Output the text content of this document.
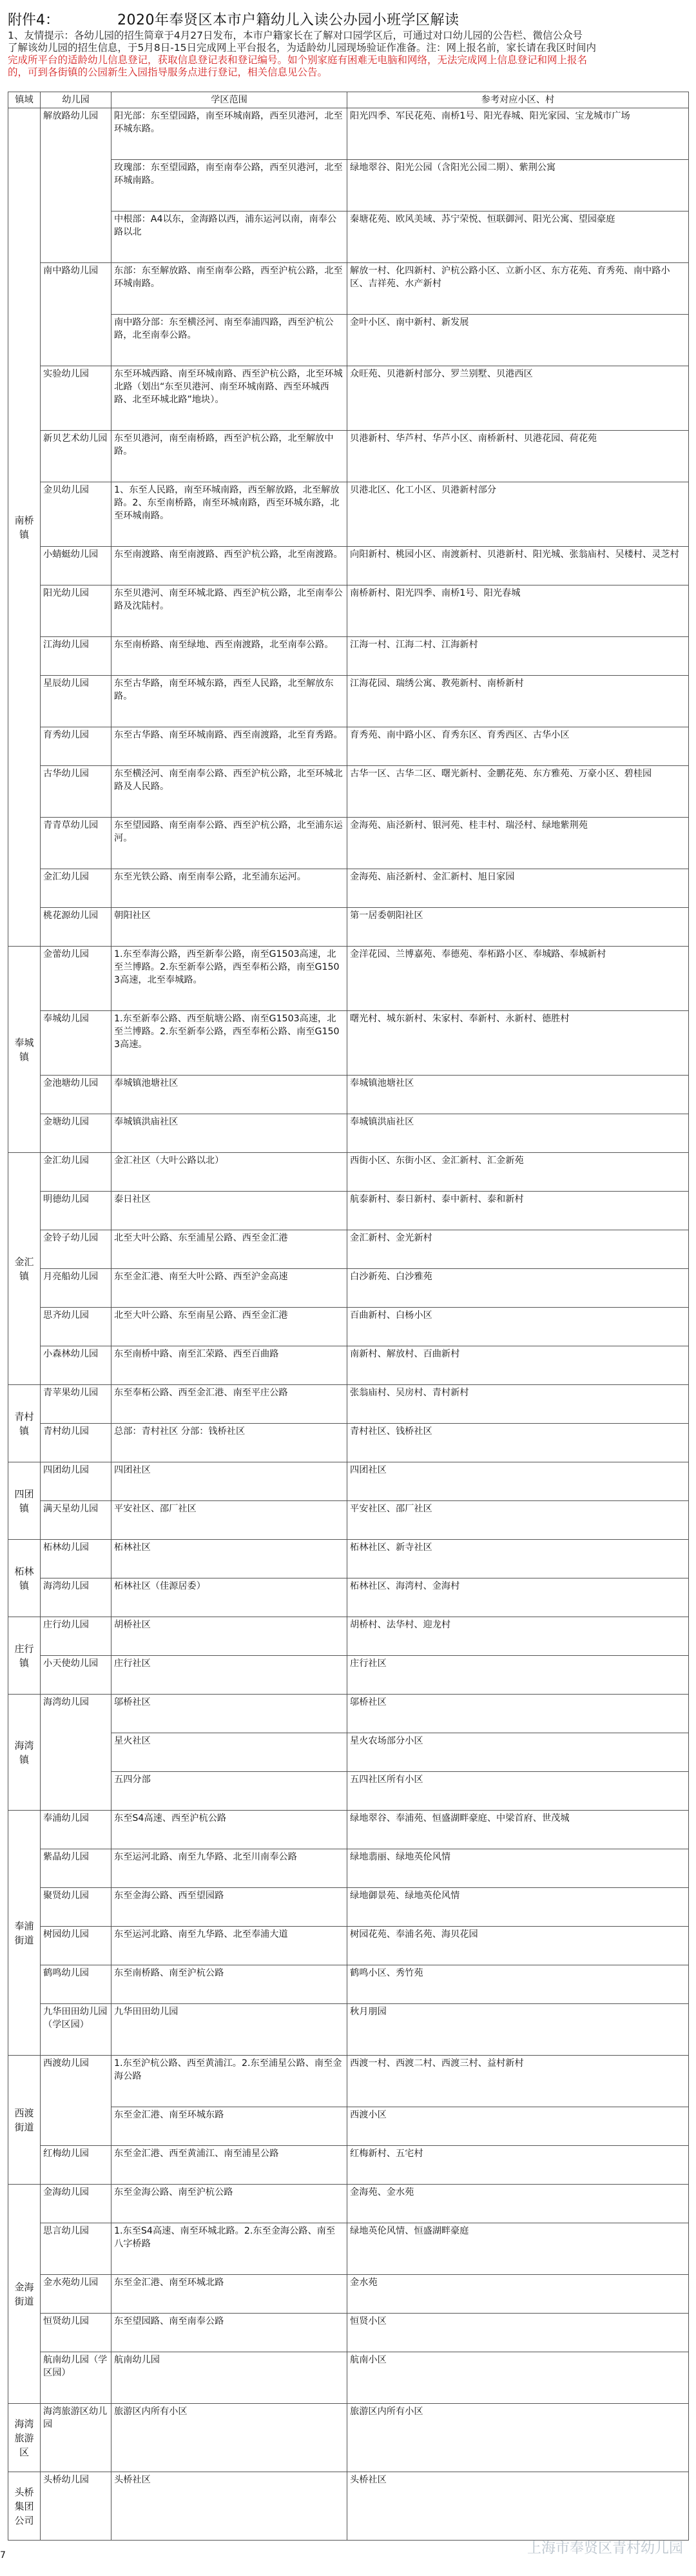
附件4：	2020年奉贤区本市户籍幼儿入读公办园小班学区解读
1、友情提示：各幼儿园的招生简章于4月27日发布，本市户籍家长在了解对口园学区后，可通过对口幼儿园的公告栏、微信公众号
了解该幼儿园的招生信息，于5月8日-15日完成网上平台报名，为适龄幼儿园现场验证作准备。注：网上报名前，家长请在我区时间内
完成所平台的适龄幼儿信息登记，获取信息登记表和登记编号。如个别家庭有困难无电脑和网络，无法完成网上信息登记和网上报名
的，可到各街镇的公园新生入园指导服务点进行登记，相关信息见公告。
镇域	幼儿园	学区范围	参考对应小区、村
南桥镇	解放路幼儿园	阳光部：东至望园路，南至环城南路，西至贝港河，北至环城东路。	阳光四季、军民花苑、南桥1号、阳光春城、阳光家园、宝龙城市广场
		玫瑰部：东至望园路，南至南奉公路，西至贝港河，北至环城南路。	绿地翠谷、阳光公园（含阳光公园二期）、紫荆公寓
		中根部：A4以东，金海路以西，浦东运河以南，南奉公路以北	秦塘花苑、欧风美域、苏宁荣悦、恒联御河、阳光公寓、望园豪庭
	南中路幼儿园	东部：东至解放路、南至南奉公路，西至沪杭公路，北至环城南路。	解放一村、化四新村、沪杭公路小区、立新小区、东方花苑、育秀苑、南中路小区、吉祥苑、水产新村
		南中路分部：东至横泾河、南至奉浦四路，西至沪杭公路，北至南奉公路。	金叶小区、南中新村、新发展
	实验幼儿园	东至环城西路、南至环城南路、西至沪杭公路，北至环城北路（划出“东至贝港河、南至环城南路、西至环城西路、北至环城北路”地块）。	众旺苑、贝港新村部分、罗兰别墅、贝港西区
	新贝艺术幼儿园	东至贝港河，南至南桥路，西至沪杭公路，北至解放中路。	贝港新村、华芦村、华芦小区、南桥新村、贝港花园、荷花苑
	金贝幼儿园	1、东至人民路，南至环城南路，西至解放路，北至解放路。2、东至南桥路，南至环城南路，西至环城东路，北至环城南路。	贝港北区、化工小区、贝港新村部分
	小蜻蜓幼儿园	东至南渡路、南至南渡路、西至沪杭公路，北至南渡路。	向阳新村、桃园小区、南渡新村、贝港新村、阳光城、张翁庙村、吴楼村、灵芝村
	阳光幼儿园	东至贝港河、南至环城北路、西至沪杭公路，北至南奉公路及沈陆村。	南桥新村、阳光四季、南桥1号、阳光春城
	江海幼儿园	东至南桥路、南至绿地、西至南渡路，北至南奉公路。	江海一村、江海二村、江海新村
	星辰幼儿园	东至古华路，南至环城东路，西至人民路，北至解放东路。	江海花园、瑞绣公寓、教苑新村、南桥新村
	育秀幼儿园	东至古华路、南至环城南路、西至南渡路，北至育秀路。	育秀苑、南中路小区、育秀东区、育秀西区、古华小区
	古华幼儿园	东至横泾河、南至南奉公路、西至沪杭公路，北至环城北路及人民路。	古华一区、古华二区、曙光新村、金鹏花苑、东方雅苑、万豪小区、碧桂园
	青青草幼儿园	东至望园路、南至南奉公路、西至沪杭公路，北至浦东运河。	金海苑、庙泾新村、银河苑、桂丰村、瑞泾村、绿地紫荆苑
	金汇幼儿园	东至光铁公路、南至南奉公路，北至浦东运河。	金海苑、庙泾新村、金汇新村、旭日家园
	桃花源幼儿园	朝阳社区	第一居委朝阳社区
奉城镇	金蕾幼儿园	1.东至奉海公路，西至新奉公路，南至G1503高速，北至兰博路。2.东至新奉公路，西至奉柘公路，南至G1503高速，北至奉城路。	金洋花园、兰博嘉苑、奉德苑、奉柘路小区、奉城路、奉城新村
	奉城幼儿园	1.东至新奉公路、西至航塘公路、南至G1503高速，北至兰博路。2.东至新奉公路，西至奉柘公路、南至G1503高速。	曙光村、城东新村、朱家村、奉新村、永新村、德胜村
	金池塘幼儿园	奉城镇池塘社区	奉城镇池塘社区
	金塘幼儿园	奉城镇洪庙社区	奉城镇洪庙社区
金汇镇	金汇幼儿园	金汇社区（大叶公路以北）	西街小区、东街小区、金汇新村、汇金新苑
	明德幼儿园	泰日社区	航泰新村、泰日新村、泰中新村、泰和新村
	金铃子幼儿园	北至大叶公路、东至浦星公路、西至金汇港	金汇新村、金光新村
	月亮船幼儿园	东至金汇港、南至大叶公路、西至沪金高速	白沙新苑、白沙雅苑
	思齐幼儿园	北至大叶公路、东至南星公路、西至金汇港	百曲新村、白杨小区
	小森林幼儿园	东至南桥中路、南至汇荣路、西至百曲路	南新村、解放村、百曲新村
青村镇	青苹果幼儿园	东至奉柘公路、西至金汇港、南至平庄公路	张翁庙村、吴房村、青村新村
	青村幼儿园	总部：青村社区 分部：钱桥社区	青村社区、钱桥社区
四团镇	四团幼儿园	四团社区	四团社区
	满天星幼儿园	平安社区、邵厂社区	平安社区、邵厂社区
柘林镇	柘林幼儿园	柘林社区	柘林社区、新寺社区
	海湾幼儿园	柘林社区（佳源居委）	柘林社区、海湾村、金海村
庄行镇	庄行幼儿园	胡桥社区	胡桥村、法华村、迎龙村
	小天使幼儿园	庄行社区	庄行社区
海湾镇	海湾幼儿园	邬桥社区	邬桥社区
		星火社区	星火农场部分小区
		五四分部	五四社区所有小区
奉浦街道	奉浦幼儿园	东至S4高速、西至沪杭公路	绿地翠谷、奉浦苑、恒盛湖畔豪庭、中梁首府、世茂城
	紫晶幼儿园	东至运河北路、南至九华路、北至川南奉公路	绿地翡丽、绿地英伦风情
	聚贤幼儿园	东至金海公路、西至望园路	绿地御景苑、绿地英伦风情
	树园幼儿园	东至运河北路、南至九华路、北至奉浦大道	树园花苑、奉浦名苑、海贝花园
	鹤鸣幼儿园	东至南桥路、南至沪杭公路	鹤鸣小区、秀竹苑
	九华田田幼儿园（学区园）	九华田田幼儿园	秋月朋园
西渡街道	西渡幼儿园	1.东至沪杭公路、西至黄浦江。2.东至浦星公路、南至金海公路	西渡一村、西渡二村、西渡三村、益村新村
		东至金汇港、南至环城东路	西渡小区
	红梅幼儿园	东至金汇港、西至黄浦江、南至浦星公路	红梅新村、五宅村
金海街道	金海幼儿园	东至金海公路、南至沪杭公路	金海苑、金水苑
	思言幼儿园	1.东至S4高速、南至环城北路。2.东至金海公路、南至八字桥路	绿地英伦风情、恒盛湖畔豪庭
	金水苑幼儿园	东至金汇港、南至环城北路	金水苑
	恒贤幼儿园	东至望园路、南至南奉公路	恒贤小区
	航南幼儿园（学区园）	航南幼儿园	航南小区
海湾旅游区	海湾旅游区幼儿园	旅游区内所有小区	旅游区内所有小区
头桥集团公司	头桥幼儿园	头桥社区	头桥社区
上海市奉贤区青村幼儿园
7
